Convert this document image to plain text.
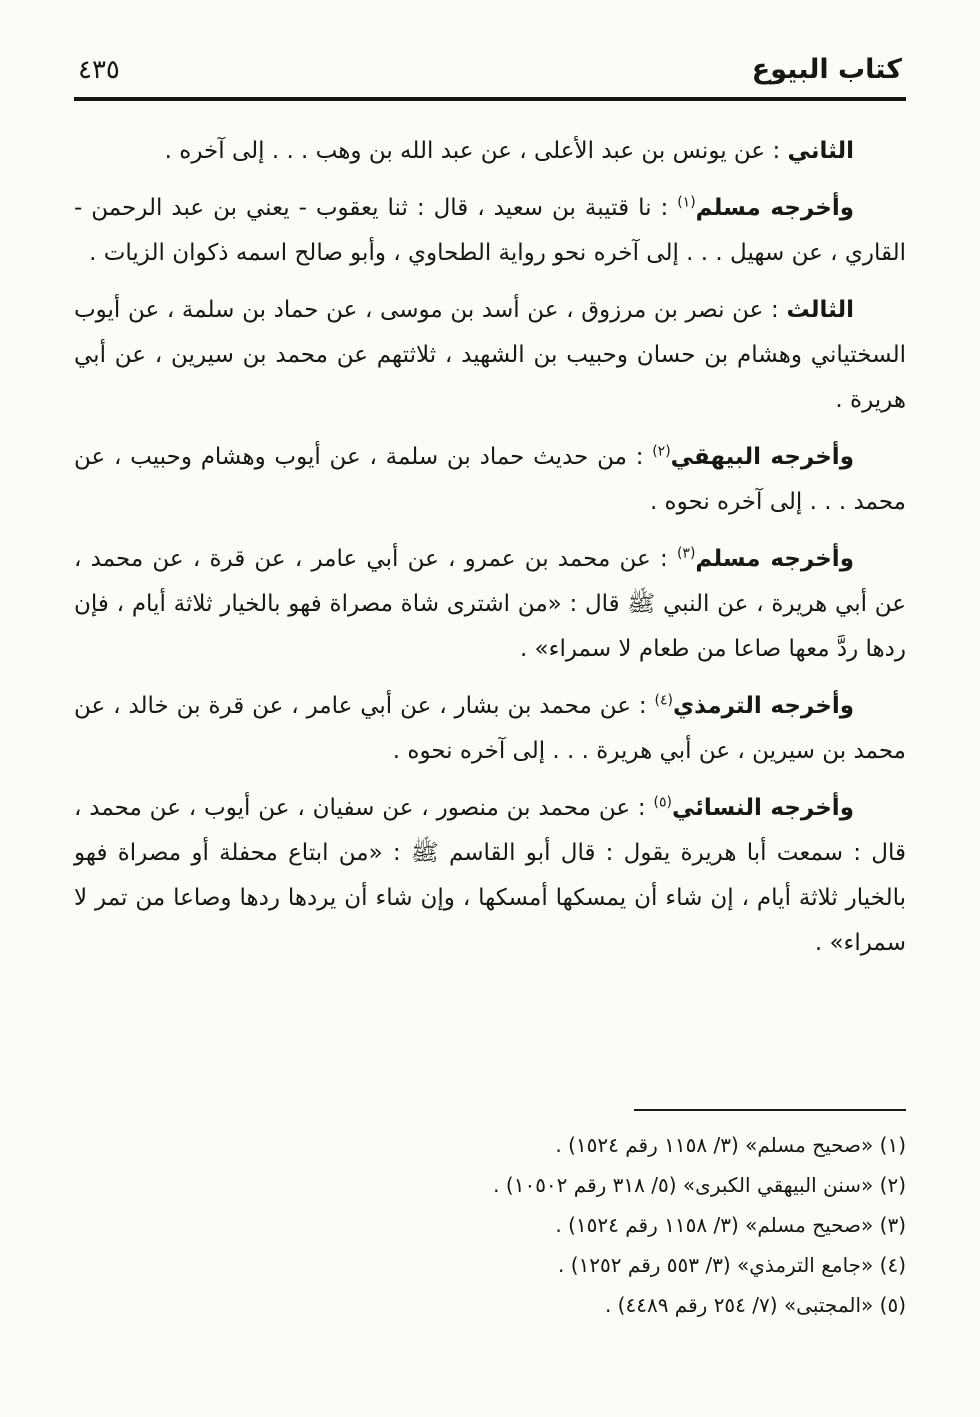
كتاب البيوع
٤٣٥

الثاني : عن يونس بن عبد الأعلى ، عن عبد الله بن وهب . . . إلى آخره .

وأخرجه مسلم$^{(١)}$ : نا قتيبة بن سعيد ، قال : ثنا يعقوب - يعني بن عبد الرحمن - القاري ، عن سهيل . . . إلى آخره نحو رواية الطحاوي ، وأبو صالح اسمه ذكوان الزيات .

الثالث : عن نصر بن مرزوق ، عن أسد بن موسى ، عن حماد بن سلمة ، عن أيوب السختياني وهشام بن حسان وحبيب بن الشهيد ، ثلاثتهم عن محمد بن سيرين ، عن أبي هريرة .

وأخرجه البيهقي$^{(٢)}$ : من حديث حماد بن سلمة ، عن أيوب وهشام وحبيب ، عن محمد . . . إلى آخره نحوه .

وأخرجه مسلم$^{(٣)}$ : عن محمد بن عمرو ، عن أبي عامر ، عن قرة ، عن محمد ، عن أبي هريرة ، عن النبي ﷺ قال : «من اشترى شاة مصراة فهو بالخيار ثلاثة أيام ، فإن ردها ردَّ معها صاعا من طعام لا سمراء» .

وأخرجه الترمذي$^{(٤)}$ : عن محمد بن بشار ، عن أبي عامر ، عن قرة بن خالد ، عن محمد بن سيرين ، عن أبي هريرة . . . إلى آخره نحوه .

وأخرجه النسائي$^{(٥)}$ : عن محمد بن منصور ، عن سفيان ، عن أيوب ، عن محمد ، قال : سمعت أبا هريرة يقول : قال أبو القاسم ﷺ : «من ابتاع محفلة أو مصراة فهو بالخيار ثلاثة أيام ، إن شاء أن يمسكها أمسكها ، وإن شاء أن يردها ردها وصاعا من تمر لا سمراء» .

(١) «صحيح مسلم» (٣/ ١١٥٨ رقم ١٥٢٤) .
(٢) «سنن البيهقي الكبرى» (٥/ ٣١٨ رقم ١٠٥٠٢) .
(٣) «صحيح مسلم» (٣/ ١١٥٨ رقم ١٥٢٤) .
(٤) «جامع الترمذي» (٣/ ٥٥٣ رقم ١٢٥٢) .
(٥) «المجتبى» (٧/ ٢٥٤ رقم ٤٤٨٩) .
